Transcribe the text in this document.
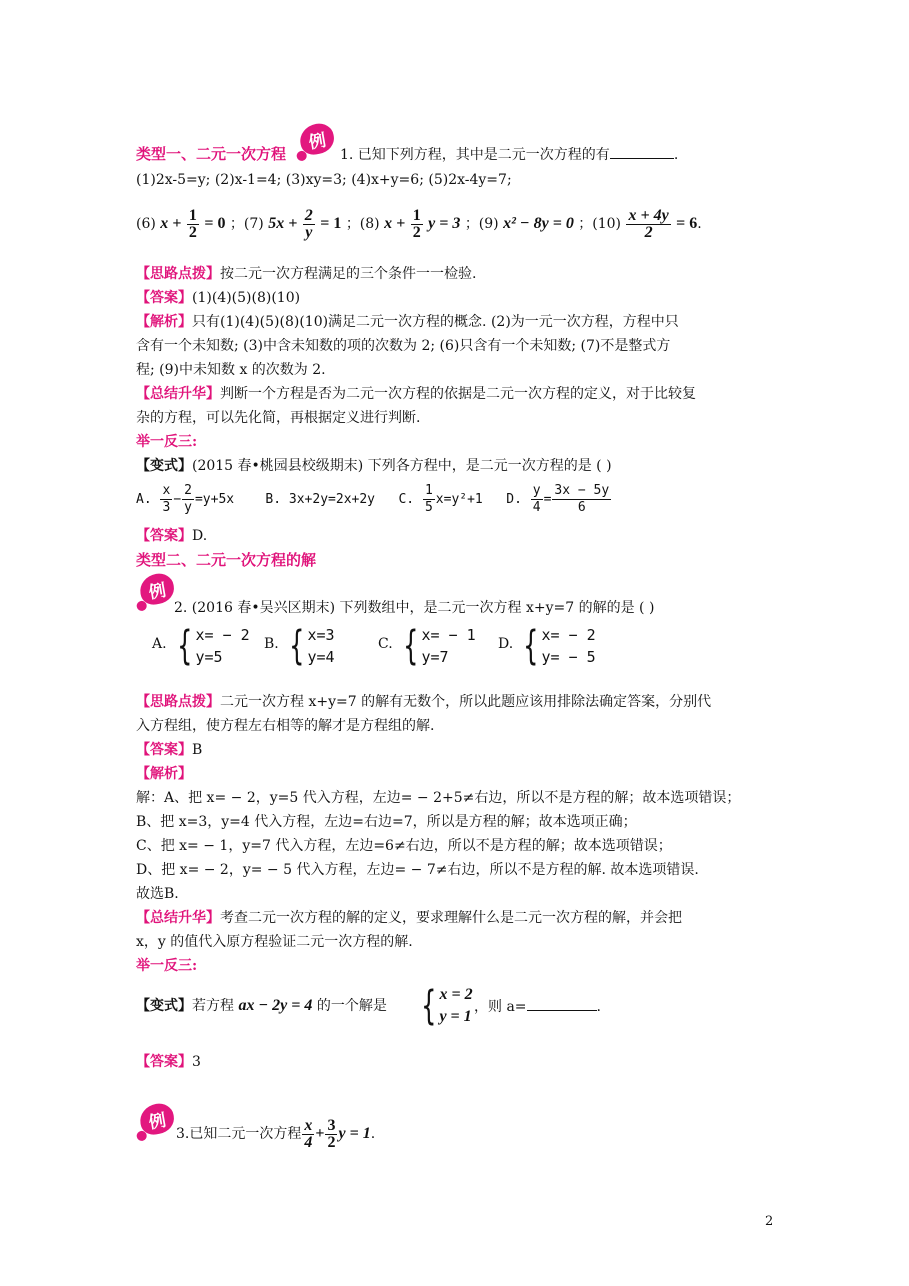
类型一、二元一次方程
例
1. 已知下列方程，其中是二元一次方程的有	.
(1)2x-5=y; (2)x-1=4; (3)xy=3; (4)x+y=6; (5)2x-4y=7;
(6) $x + \frac{1}{2} = 0$ ；(7) $5x + \frac{2}{y} = 1$ ；(8) $x + \frac{1}{2}$ y = 3 ；(9) x² − 8y = 0 ；$(10) \frac{x + 4y}{2} = 6$.
【思路点拨】按二元一次方程满足的三个条件一一检验.
【答案】(1)(4)(5)(8)(10)
【解析】只有(1)(4)(5)(8)(10)满足二元一次方程的概念. (2)为一元一次方程，方程中只
含有一个未知数; (3)中含未知数的项的次数为 2; (6)只含有一个未知数; (7)不是整式方
程; (9)中未知数 x 的次数为 2.
【总结升华】判断一个方程是否为二元一次方程的依据是二元一次方程的定义，对于比较复
杂的方程，可以先化简，再根据定义进行判断.
举一反三:
【变式】(2015 春•桃园县校级期末) 下列各方程中，是二元一次方程的是 ( )
A. $\frac{x}{3} - \frac{2}{y} =y+5x$ B. 3x+2y=2x+2y C. $\frac{1}{5} x=y^2+1$ D. $\frac{y}{4} = \frac{3x - 5y}{6}$
【答案】D.
类型二、二元一次方程的解
例
2. (2016 春•吴兴区期末) 下列数组中，是二元一次方程 x+y=7 的解的是 ( )
A. { x= − 2
y=5
B. { x=3
y=4
C. { x= − 1
y=7
D. { x= − 2
y= − 5
【思路点拨】二元一次方程 x+y=7 的解有无数个，所以此题应该用排除法确定答案，分别代
入方程组，使方程左右相等的解才是方程组的解.
【答案】B
【解析】
解：A、把 x= − 2，y=5 代入方程，左边= − 2+5≠右边，所以不是方程的解；故本选项错误；
B、把 x=3，y=4 代入方程，左边=右边=7，所以是方程的解；故本选项正确；
C、把 x= − 1，y=7 代入方程，左边=6≠右边，所以不是方程的解；故本选项错误；
D、把 x= − 2，y= − 5 代入方程，左边= − 7≠右边，所以不是方程的解. 故本选项错误.
故选B.
【总结升华】考查二元一次方程的解的定义，要求理解什么是二元一次方程的解，并会把
x，y 的值代入原方程验证二元一次方程的解.
举一反三:
【变式】若方程 ax − 2y = 4 的一个解是 { x = 2
y = 1
，则 a=	.
【答案】3
例
3.已知二元一次方程 $\frac{x}{4} + \frac{3}{2}$ y = 1.
2
